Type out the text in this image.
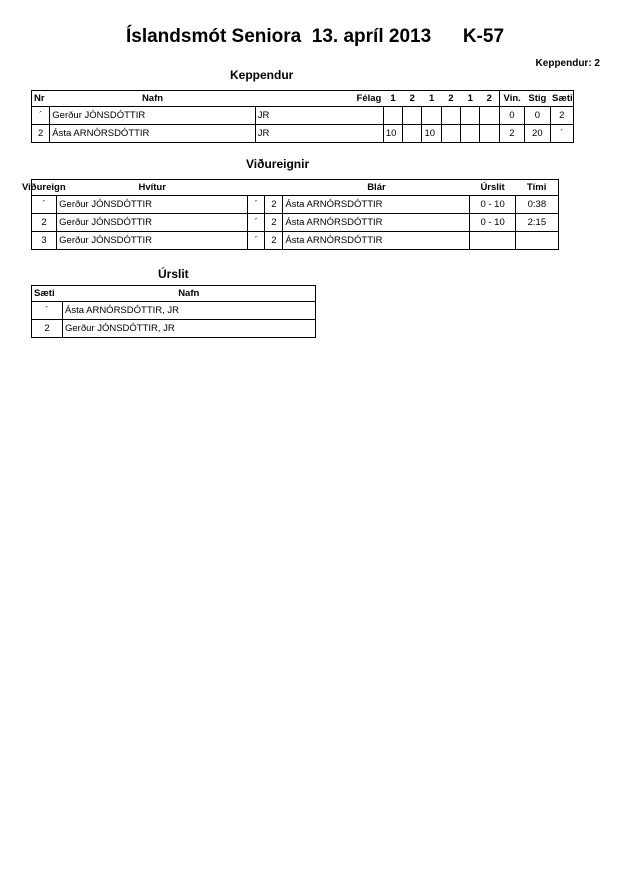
Íslandsmót Seniora  13. apríl 2013      K-57
Keppendur: 2
Keppendur
Nr	Nafn	Félag	1	2	1	2	1	2	Vin.	Stig	Sæti
´	Gerður JÓNSDÓTTIR	JR							0	0	2
2	Ásta ARNÓRSDÓTTIR	JR	10		10				2	20	´
Viðureignir
Viðureign	Hvítur			Blár	Úrslit	Tími
´	Gerður JÓNSDÓTTIR	´	2	Ásta ARNÓRSDÓTTIR	0 - 10	0:38
2	Gerður JÓNSDÓTTIR	´	2	Ásta ARNÓRSDÓTTIR	0 - 10	2:15
3	Gerður JÓNSDÓTTIR	´	2	Ásta ARNÓRSDÓTTIR		
Úrslit
Sæti	Nafn
´	Ásta ARNÓRSDÓTTIR, JR
2	Gerður JÓNSDÓTTIR, JR
